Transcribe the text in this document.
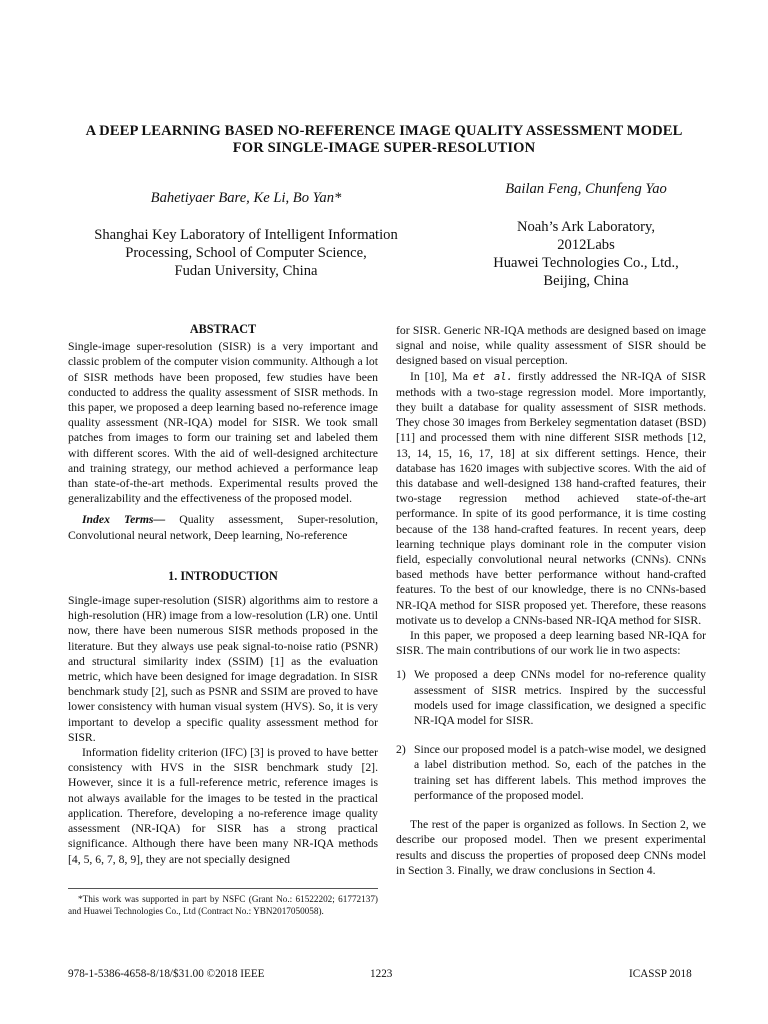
A DEEP LEARNING BASED NO-REFERENCE IMAGE QUALITY ASSESSMENT MODEL
FOR SINGLE-IMAGE SUPER-RESOLUTION
Bahetiyaer Bare, Ke Li, Bo Yan*
Bailan Feng, Chunfeng Yao
Shanghai Key Laboratory of Intelligent Information
Processing, School of Computer Science,
Fudan University, China
Noah’s Ark Laboratory,
2012Labs
Huawei Technologies Co., Ltd.,
Beijing, China
ABSTRACT

Single-image super-resolution (SISR) is a very important and classic problem of the computer vision community. Although a lot of SISR methods have been proposed, few studies have been conducted to address the quality assessment of SISR methods. In this paper, we proposed a deep learning based no-reference image quality assessment (NR-IQA) model for SISR. We took small patches from images to form our training set and labeled them with different scores. With the aid of well-designed architecture and training strategy, our method achieved a performance leap than state-of-the-art methods. Experimental results proved the generalizability and the effectiveness of the proposed model.

Index Terms— Quality assessment, Super-resolution, Convolutional neural network, Deep learning, No-reference

1. INTRODUCTION

Single-image super-resolution (SISR) algorithms aim to restore a high-resolution (HR) image from a low-resolution (LR) one. Until now, there have been numerous SISR methods proposed in the literature. But they always use peak signal-to-noise ratio (PSNR) and structural similarity index (SSIM) [1] as the evaluation metric, which have been designed for image degradation. In SISR benchmark study [2], such as PSNR and SSIM are proved to have lower consistency with human visual system (HVS). So, it is very important to develop a specific quality assessment method for SISR.

Information fidelity criterion (IFC) [3] is proved to have better consistency with HVS in the SISR benchmark study [2]. However, since it is a full-reference metric, reference images is not always available for the images to be tested in the practical application. Therefore, developing a no-reference image quality assessment (NR-IQA) for SISR has a strong practical significance. Although there have been many NR-IQA methods [4, 5, 6, 7, 8, 9], they are not specially designed

*This work was supported in part by NSFC (Grant No.: 61522202; 61772137) and Huawei Technologies Co., Ltd (Contract No.: YBN2017050058).

for SISR. Generic NR-IQA methods are designed based on image signal and noise, while quality assessment of SISR should be designed based on visual perception.

In [10], Ma et al. firstly addressed the NR-IQA of SISR methods with a two-stage regression model. More importantly, they built a database for quality assessment of SISR methods. They chose 30 images from Berkeley segmentation dataset (BSD) [11] and processed them with nine different SISR methods [12, 13, 14, 15, 16, 17, 18] at six different settings. Hence, their database has 1620 images with subjective scores. With the aid of this database and well-designed 138 hand-crafted features, their two-stage regression method achieved state-of-the-art performance. In spite of its good performance, it is time costing because of the 138 hand-crafted features. In recent years, deep learning technique plays dominant role in the computer vision field, especially convolutional neural networks (CNNs). CNNs based methods have better performance without hand-crafted features. To the best of our knowledge, there is no CNNs-based NR-IQA method for SISR proposed yet. Therefore, these reasons motivate us to develop a CNNs-based NR-IQA method for SISR.

In this paper, we proposed a deep learning based NR-IQA for SISR. The main contributions of our work lie in two aspects:

1) We proposed a deep CNNs model for no-reference quality assessment of SISR metrics. Inspired by the successful models used for image classification, we designed a specific NR-IQA model for SISR.
2) Since our proposed model is a patch-wise model, we designed a label distribution method. So, each of the patches in the training set has different labels. This method improves the performance of the proposed model.

The rest of the paper is organized as follows. In Section 2, we describe our proposed model. Then we present experimental results and discuss the properties of proposed deep CNNs model in Section 3. Finally, we draw conclusions in Section 4.

978-1-5386-4658-8/18/$31.00 ©2018 IEEE	1223	ICASSP 2018
